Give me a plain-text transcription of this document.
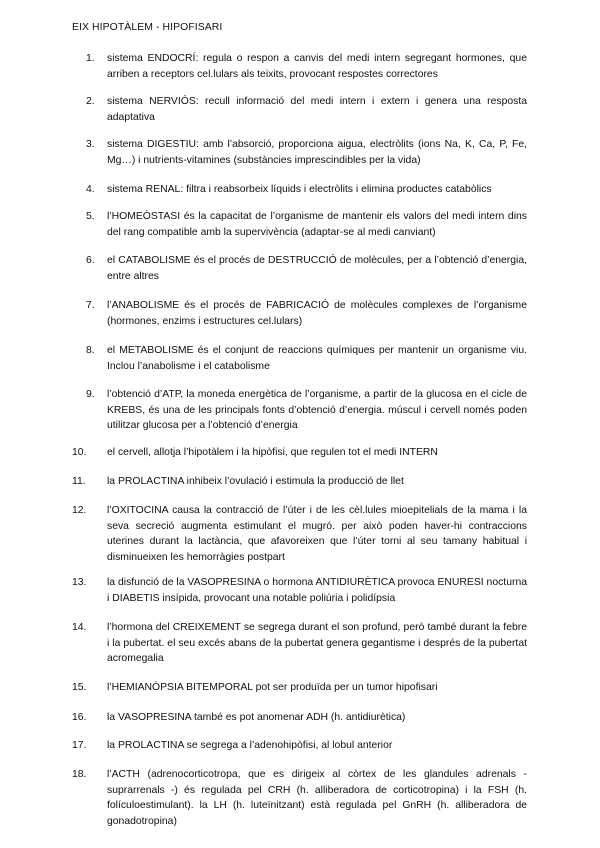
EIX HIPOTÀLEM - HIPOFISARI
1. sistema ENDOCRÍ: regula o respon a canvis del medi intern segregant hormones, que arriben a receptors cel.lulars als teixits, provocant respostes correctores
2. sistema NERVIÓS: recull informació del medi intern i extern i genera una resposta adaptativa
3. sistema DIGESTIU: amb l’absorció, proporciona aigua, electròlits (ions Na, K, Ca, P, Fe, Mg…) i nutrients-vitamines (substàncies imprescindibles per la vida)
4. sistema RENAL: filtra i reabsorbeix líquids i electròlits i elimina productes catabòlics
5. l’HOMEÒSTASI és la capacitat de l’organisme de mantenir els valors del medi intern dins del rang compatible amb la supervivència (adaptar-se al medi canviant)
6. el CATABOLISME és el procés de DESTRUCCIÓ de molècules, per a l’obtenció d’energia, entre altres
7. l’ANABOLISME és el procés de FABRICACIÓ de molècules complexes de l’organisme (hormones, enzims i estructures cel.lulars)
8. el METABOLISME és el conjunt de reaccions químiques per mantenir un organisme viu. Inclou l’anabolisme i el catabolisme
9. l’obtenció d’ATP, la moneda energètica de l’organisme, a partir de la glucosa en el cicle de KREBS, és una de les principals fonts d’obtenció d’energia. múscul i cervell només poden utilitzar glucosa per a l’obtenció d’energia
10. el cervell, allotja l’hipotàlem i la hipòfisi, que regulen tot el medi INTERN
11. la PROLACTINA inhibeix l’ovulació i estimula la producció de llet
12. l’OXITOCINA causa la contracció de l’úter i de les cèl.lules mioepitelials de la mama i la seva secreció augmenta estimulant el mugró. per això poden haver-hi contraccions uterines durant la lactància, que afavoreixen que l’úter torni al seu tamany habitual i disminueixen les hemorràgies postpart
13. la disfunció de la VASOPRESINA o hormona ANTIDIURÈTICA provoca ENURESI nocturna i DIABETIS insípida, provocant una notable poliúria i polidípsia
14. l’hormona del CREIXEMENT se segrega durant el son profund, però també durant la febre i la pubertat. el seu excés abans de la pubertat genera gegantisme i després de la pubertat acromegalia
15. l’HEMIANÒPSIA BITEMPORAL pot ser produïda per un tumor hipofisari
16. la VASOPRESINA també es pot anomenar ADH (h. antidiurètica)
17. la PROLACTINA se segrega a l’adenohipòfisi, al lobul anterior
18. l’ACTH (adrenocorticotropa, que es dirigeix al còrtex de les glandules adrenals - suprarrenals -) és regulada pel CRH (h. alliberadora de corticotropina) i la FSH (h. folículoestimulant). la LH (h. luteïnitzant) està regulada pel GnRH (h. alliberadora de gonadotropina)
